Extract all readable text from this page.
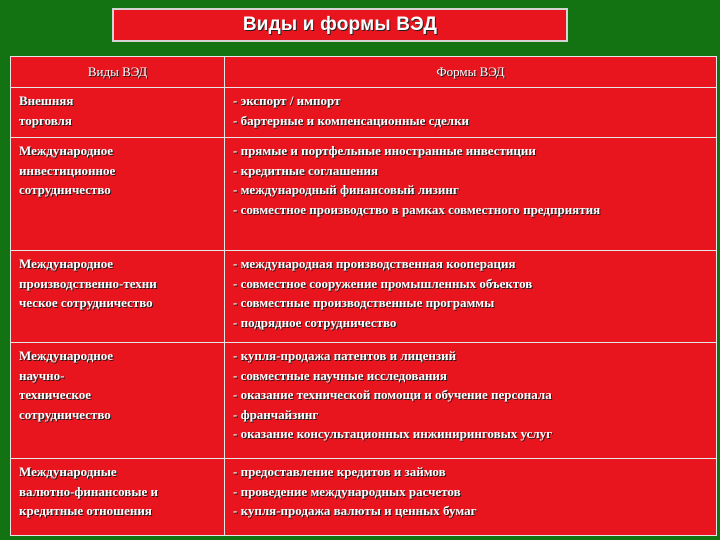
Виды и формы ВЭД
Виды ВЭД	Формы ВЭД

Внешняя
торговля	- экспорт / импорт
- бартерные и компенсационные сделки

Международное
инвестиционное
сотрудничество	- прямые и портфельные иностранные инвестиции
- кредитные соглашения
- международный финансовый лизинг
- совместное производство в рамках совместного предприятия

Международное
производственно-техни
ческое сотрудничество	- международная производственная кооперация
- совместное сооружение промышленных объектов
- совместные производственные программы
- подрядное сотрудничество

Международное
научно-
техническое
сотрудничество	- купля-продажа патентов и лицензий
- совместные научные исследования
- оказание технической помощи и обучение персонала
- франчайзинг
- оказание консультационных инжиниринговых услуг

Международные
валютно-финансовые и
кредитные отношения	- предоставление кредитов и займов
- проведение международных расчетов
- купля-продажа валюты и ценных бумаг
